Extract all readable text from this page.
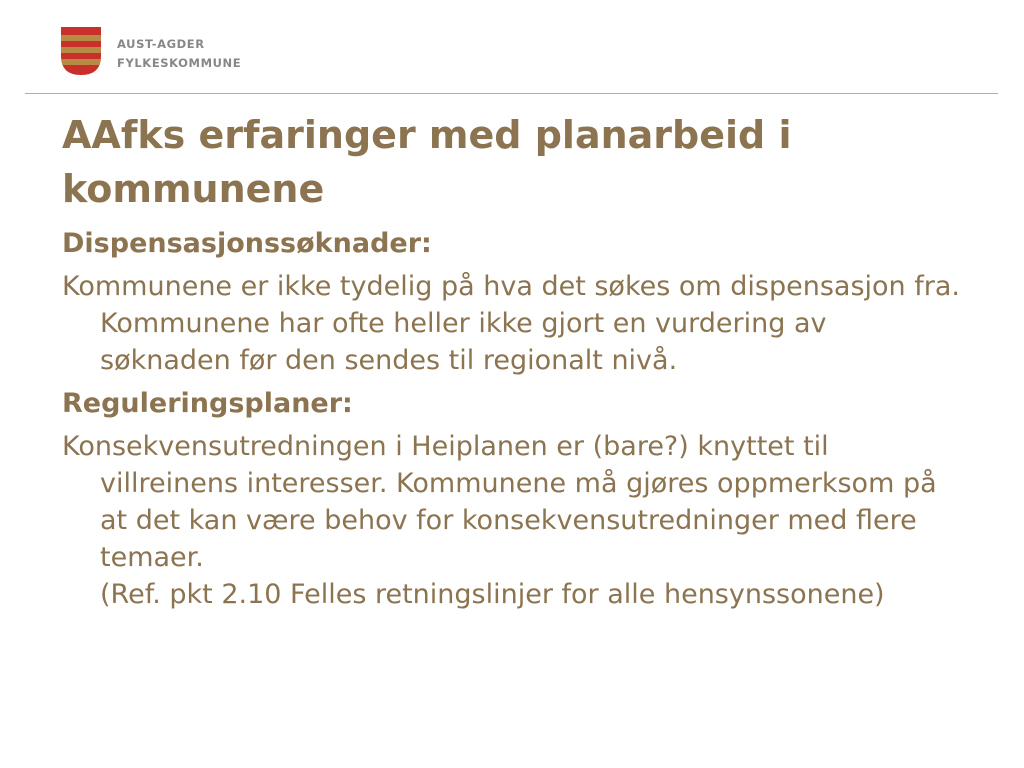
AUST-AGDER
FYLKESKOMMUNE
AAfks erfaringer med planarbeid i kommunene
Dispensasjonssøknader:
Kommunene er ikke tydelig på hva det søkes om dispensasjon fra. Kommunene har ofte heller ikke gjort en vurdering av søknaden før den sendes til regionalt nivå.
Reguleringsplaner:
Konsekvensutredningen i Heiplanen er (bare?) knyttet til villreinens interesser. Kommunene må gjøres oppmerksom på at det kan være behov for konsekvensutredninger med flere temaer.
(Ref. pkt 2.10 Felles retningslinjer for alle hensynssonene)
